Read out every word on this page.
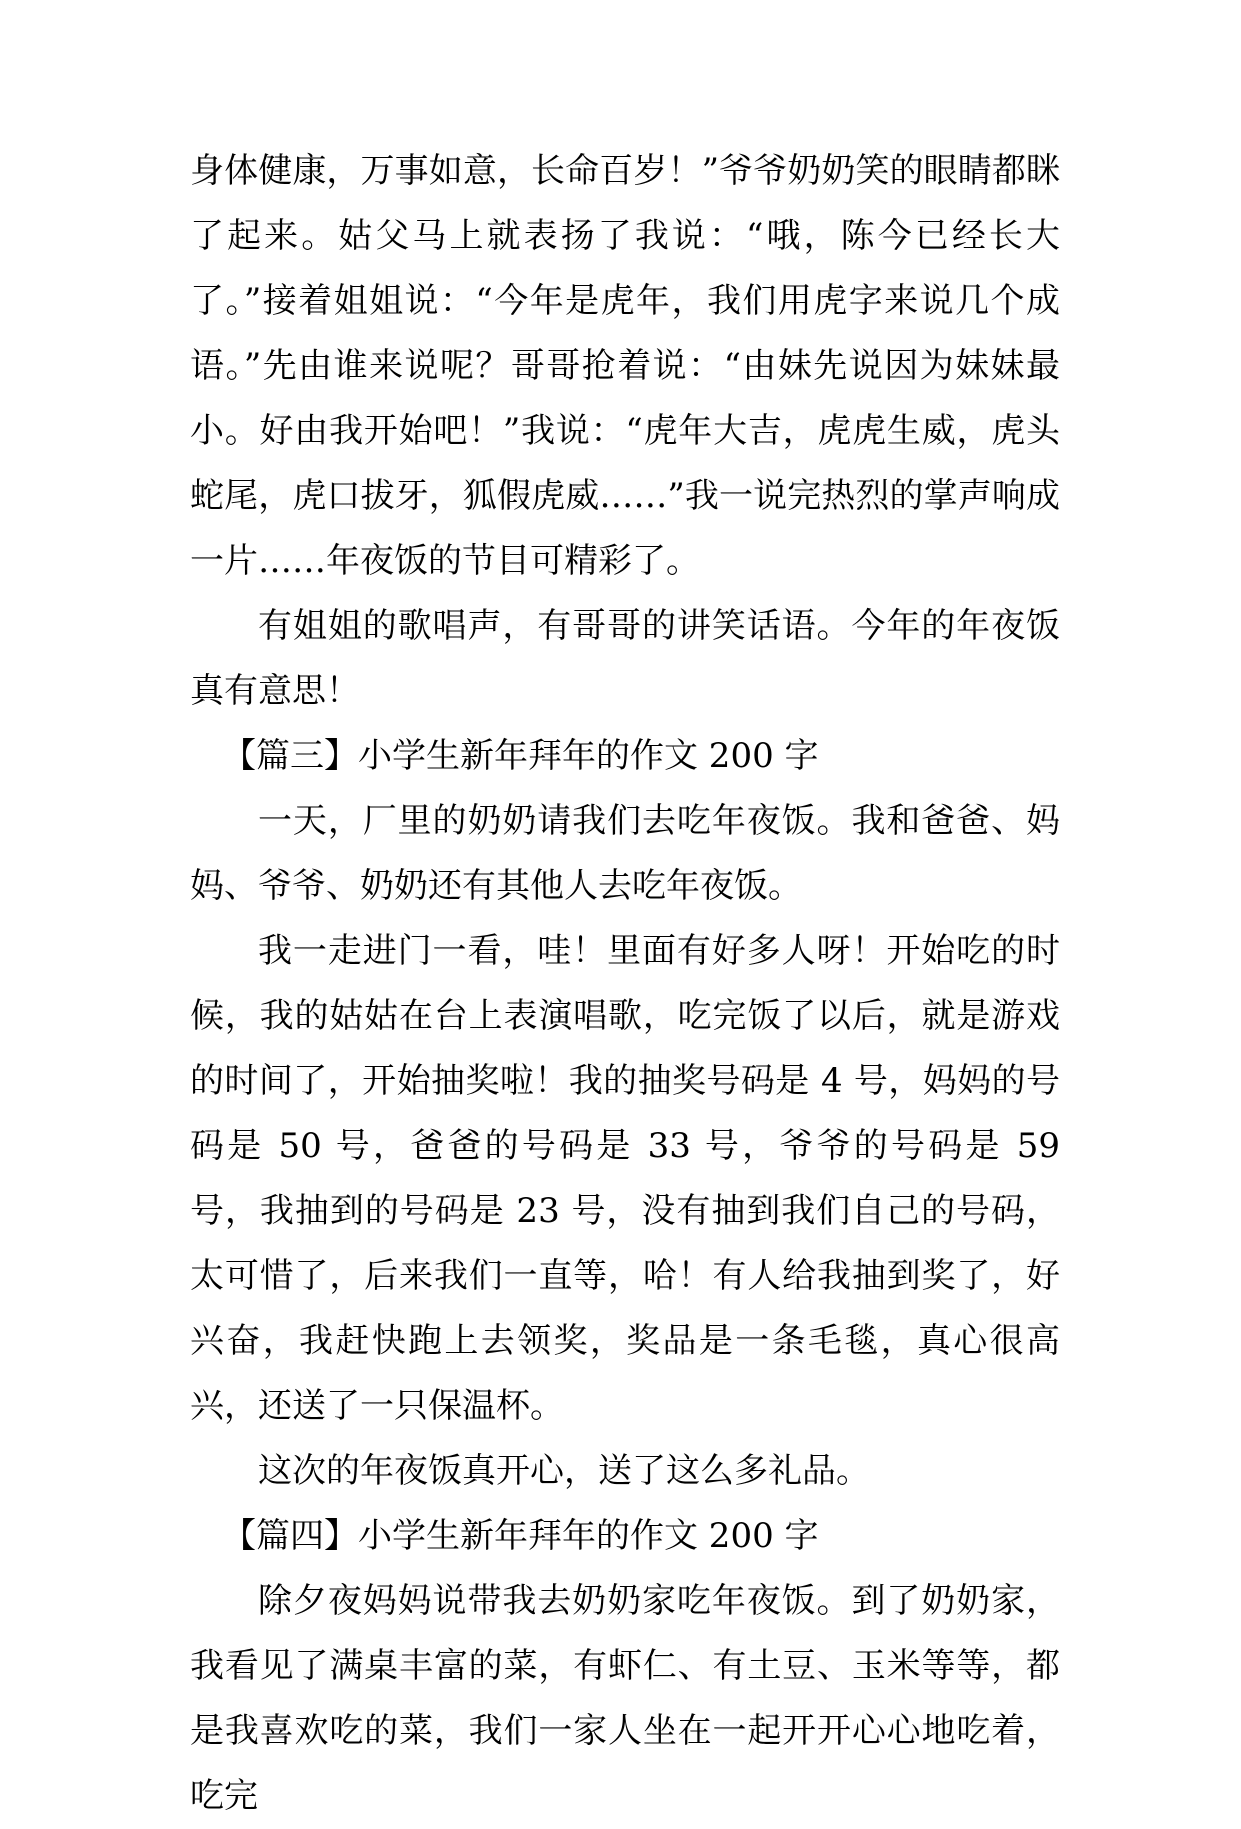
身体健康，万事如意，长命百岁！”爷爷奶奶笑的眼睛都眯了起来。姑父马上就表扬了我说：“哦，陈今已经长大了。”接着姐姐说：“今年是虎年，我们用虎字来说几个成语。”先由谁来说呢？哥哥抢着说：“由妹先说因为妹妹最小。好由我开始吧！”我说：“虎年大吉，虎虎生威，虎头蛇尾，虎口拔牙，狐假虎威……”我一说完热烈的掌声响成一片……年夜饭的节目可精彩了。

有姐姐的歌唱声，有哥哥的讲笑话语。今年的年夜饭真有意思！

【篇三】小学生新年拜年的作文 200 字

一天，厂里的奶奶请我们去吃年夜饭。我和爸爸、妈妈、爷爷、奶奶还有其他人去吃年夜饭。

我一走进门一看，哇！里面有好多人呀！开始吃的时候，我的姑姑在台上表演唱歌，吃完饭了以后，就是游戏的时间了，开始抽奖啦！我的抽奖号码是 4 号，妈妈的号码是 50 号，爸爸的号码是 33 号，爷爷的号码是 59 号，我抽到的号码是 23 号，没有抽到我们自己的号码，太可惜了，后来我们一直等，哈！有人给我抽到奖了，好兴奋，我赶快跑上去领奖，奖品是一条毛毯，真心很高兴，还送了一只保温杯。

这次的年夜饭真开心，送了这么多礼品。

【篇四】小学生新年拜年的作文 200 字

除夕夜妈妈说带我去奶奶家吃年夜饭。到了奶奶家，我看见了满桌丰富的菜，有虾仁、有土豆、玉米等等，都是我喜欢吃的菜，我们一家人坐在一起开开心心地吃着，吃完
